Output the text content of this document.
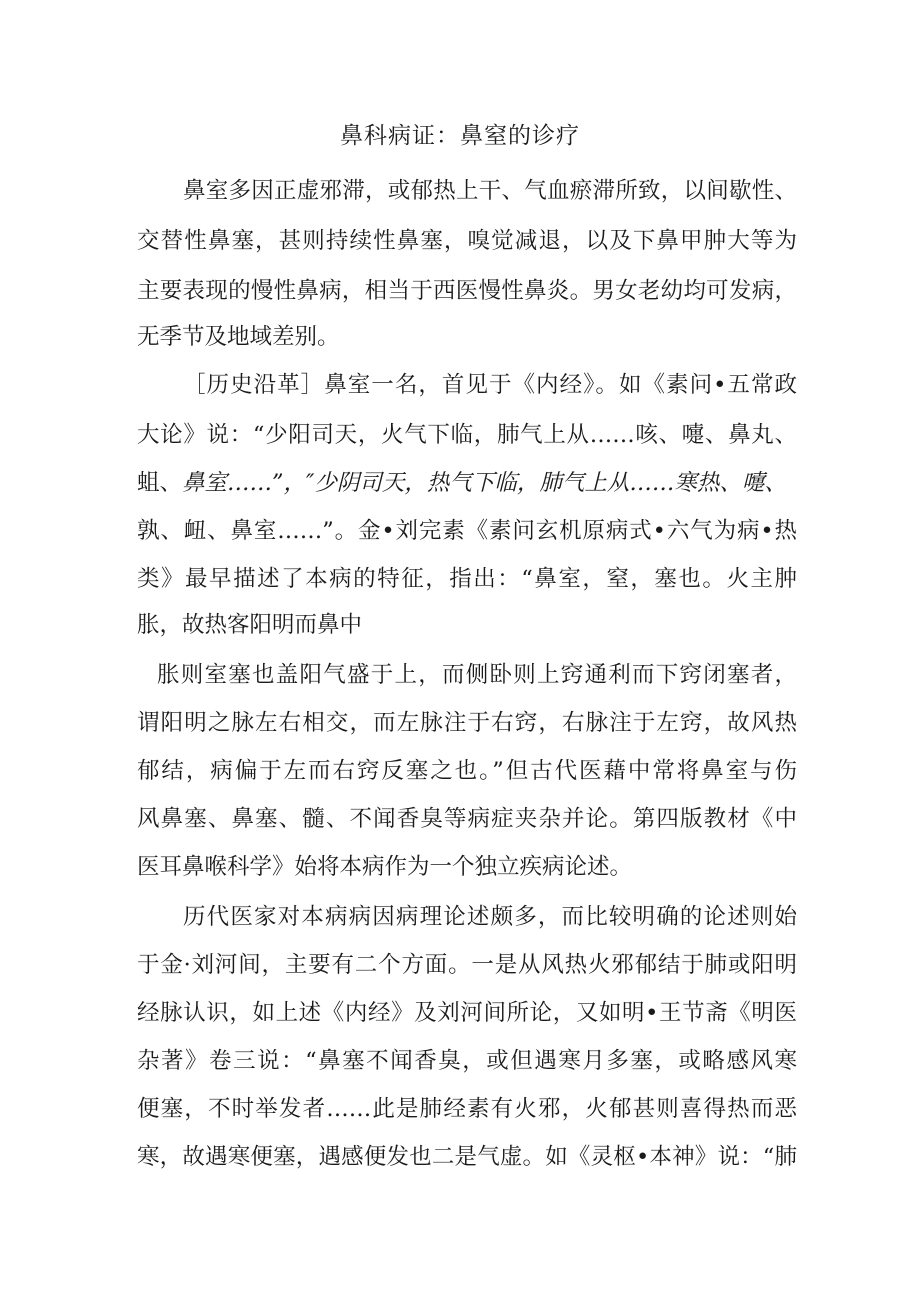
鼻科病证：鼻窒的诊疗

鼻室多因正虚邪滞，或郁热上干、气血瘀滞所致，以间歇性、

交替性鼻塞，甚则持续性鼻塞，嗅觉减退，以及下鼻甲肿大等为

主要表现的慢性鼻病，相当于西医慢性鼻炎。男女老幼均可发病，

无季节及地域差别。

［历史沿革］鼻室一名，首见于《内经》。如《素问•五常政

大论》说：“少阳司天，火气下临，肺气上从……咳、嚏、鼻丸、

蛆、鼻室……”，″少阴司天，热气下临，肺气上从……寒热、嚏、

孰、衄、鼻室……”。金•刘完素《素问玄机原病式•六气为病•热

类》最早描述了本病的特征，指出：“鼻室，窒，塞也。火主肿

胀，故热客阳明而鼻中

胀则室塞也盖阳气盛于上，而侧卧则上窍通利而下窍闭塞者，

谓阳明之脉左右相交，而左脉注于右窍，右脉注于左窍，故风热

郁结，病偏于左而右窍反塞之也。”但古代医藉中常将鼻室与伤

风鼻塞、鼻塞、髓、不闻香臭等病症夹杂并论。第四版教材《中

医耳鼻喉科学》始将本病作为一个独立疾病论述。

历代医家对本病病因病理论述颇多，而比较明确的论述则始

于金·刘河间，主要有二个方面。一是从风热火邪郁结于肺或阳明

经脉认识，如上述《内经》及刘河间所论，又如明•王节斋《明医

杂著》卷三说：“鼻塞不闻香臭，或但遇寒月多塞，或略感风寒

便塞，不时举发者……此是肺经素有火邪，火郁甚则喜得热而恶

寒，故遇寒便塞，遇感便发也二是气虚。如《灵枢•本神》说：“肺
